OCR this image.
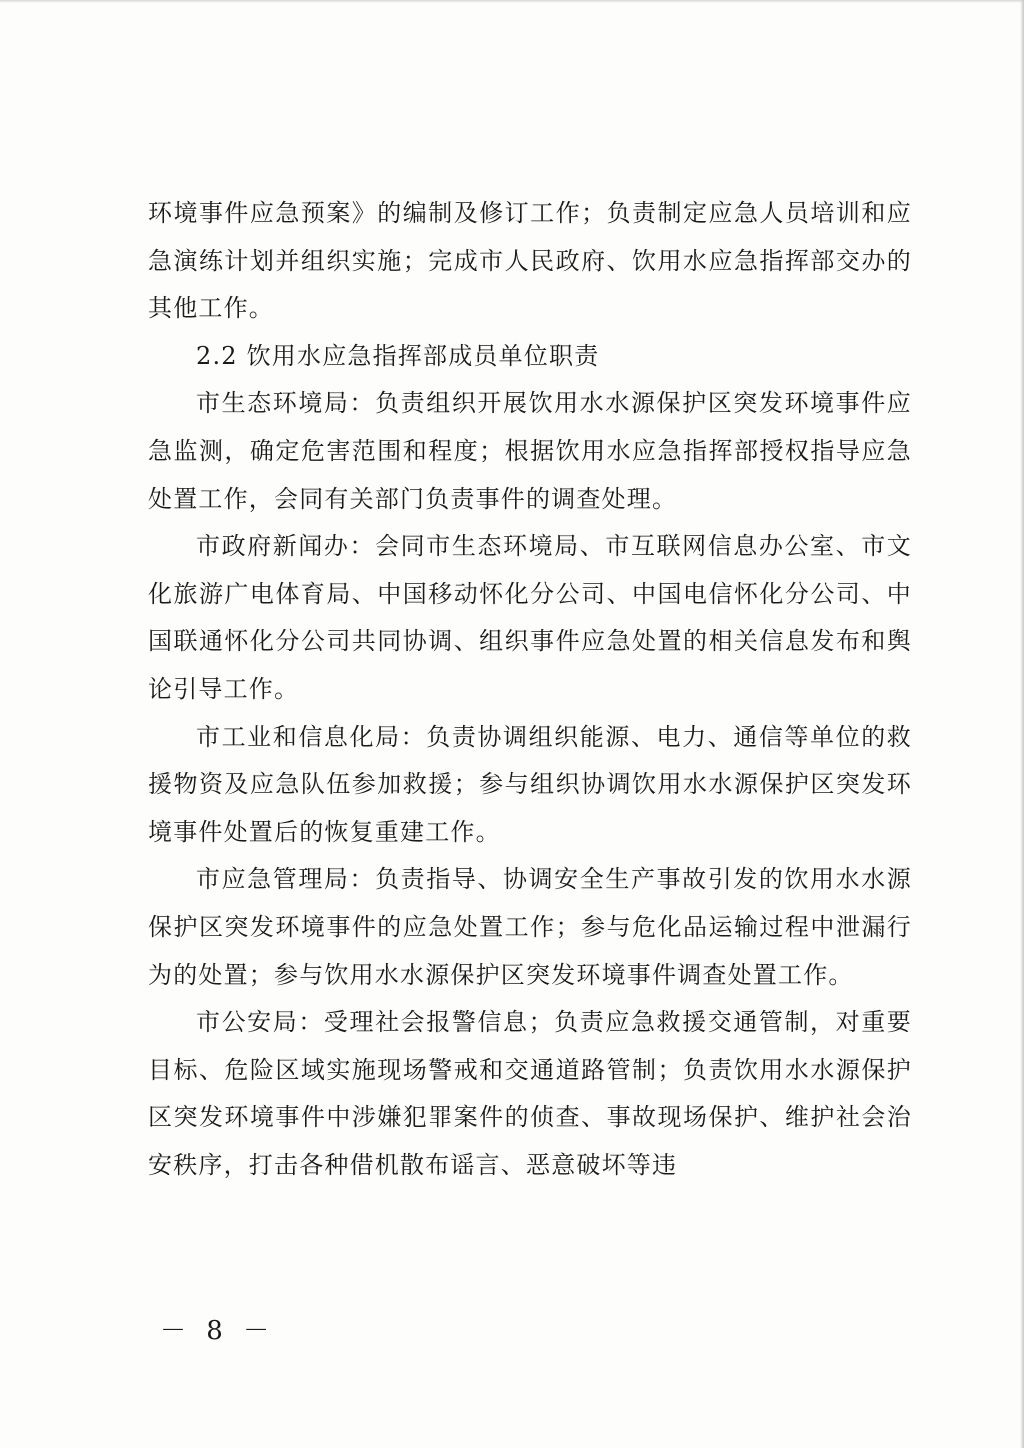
环境事件应急预案》的编制及修订工作；负责制定应急人员培训和应急演练计划并组织实施；完成市人民政府、饮用水应急指挥部交办的其他工作。

2.2 饮用水应急指挥部成员单位职责

市生态环境局：负责组织开展饮用水水源保护区突发环境事件应急监测，确定危害范围和程度；根据饮用水应急指挥部授权指导应急处置工作，会同有关部门负责事件的调查处理。

市政府新闻办：会同市生态环境局、市互联网信息办公室、市文化旅游广电体育局、中国移动怀化分公司、中国电信怀化分公司、中国联通怀化分公司共同协调、组织事件应急处置的相关信息发布和舆论引导工作。

市工业和信息化局：负责协调组织能源、电力、通信等单位的救援物资及应急队伍参加救援；参与组织协调饮用水水源保护区突发环境事件处置后的恢复重建工作。

市应急管理局：负责指导、协调安全生产事故引发的饮用水水源保护区突发环境事件的应急处置工作；参与危化品运输过程中泄漏行为的处置；参与饮用水水源保护区突发环境事件调查处置工作。

市公安局：受理社会报警信息；负责应急救援交通管制，对重要目标、危险区域实施现场警戒和交通道路管制；负责饮用水水源保护区突发环境事件中涉嫌犯罪案件的侦查、事故现场保护、维护社会治安秩序，打击各种借机散布谣言、恶意破坏等违

－ 8 －
